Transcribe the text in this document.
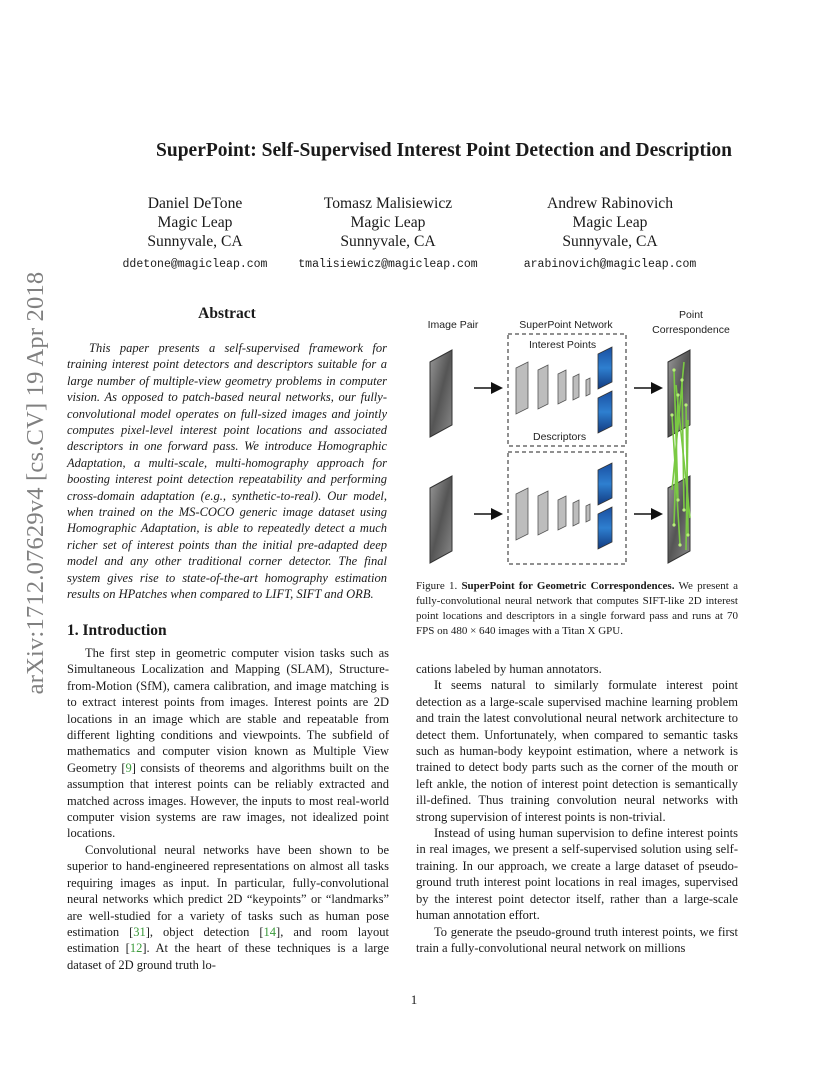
arXiv:1712.07629v4 [cs.CV] 19 Apr 2018
SuperPoint: Self-Supervised Interest Point Detection and Description
Daniel DeTone
Magic Leap
Sunnyvale, CA
ddetone@magicleap.com
Tomasz Malisiewicz
Magic Leap
Sunnyvale, CA
tmalisiewicz@magicleap.com
Andrew Rabinovich
Magic Leap
Sunnyvale, CA
arabinovich@magicleap.com
Abstract

This paper presents a self-supervised framework for training interest point detectors and descriptors suitable for a large number of multiple-view geometry problems in computer vision. As opposed to patch-based neural networks, our fully-convolutional model operates on full-sized images and jointly computes pixel-level interest point locations and associated descriptors in one forward pass. We introduce Homographic Adaptation, a multi-scale, multi-homography approach for boosting interest point detection repeatability and performing cross-domain adaptation (e.g., synthetic-to-real). Our model, when trained on the MS-COCO generic image dataset using Homographic Adaptation, is able to repeatedly detect a much richer set of interest points than the initial pre-adapted deep model and any other traditional corner detector. The final system gives rise to state-of-the-art homography estimation results on HPatches when compared to LIFT, SIFT and ORB.

1. Introduction

The first step in geometric computer vision tasks such as Simultaneous Localization and Mapping (SLAM), Structure-from-Motion (SfM), camera calibration, and image matching is to extract interest points from images. Interest points are 2D locations in an image which are stable and repeatable from different lighting conditions and viewpoints. The subfield of mathematics and computer vision known as Multiple View Geometry [9] consists of theorems and algorithms built on the assumption that interest points can be reliably extracted and matched across images. However, the inputs to most real-world computer vision systems are raw images, not idealized point locations.

Convolutional neural networks have been shown to be superior to hand-engineered representations on almost all tasks requiring images as input. In particular, fully-convolutional neural networks which predict 2D “keypoints” or “landmarks” are well-studied for a variety of tasks such as human pose estimation [31], object detection [14], and room layout estimation [12]. At the heart of these techniques is a large dataset of 2D ground truth lo-

cations labeled by human annotators.

It seems natural to similarly formulate interest point detection as a large-scale supervised machine learning problem and train the latest convolutional neural network architecture to detect them. Unfortunately, when compared to semantic tasks such as human-body keypoint estimation, where a network is trained to detect body parts such as the corner of the mouth or left ankle, the notion of interest point detection is semantically ill-defined. Thus training convolution neural networks with strong supervision of interest points is non-trivial.

Instead of using human supervision to define interest points in real images, we present a self-supervised solution using self-training. In our approach, we create a large dataset of pseudo-ground truth interest point locations in real images, supervised by the interest point detector itself, rather than a large-scale human annotation effort.

To generate the pseudo-ground truth interest points, we first train a fully-convolutional neural network on millions

Image Pair	SuperPoint Network
Point
Correspondence
Interest Points
Descriptors

Figure 1. SuperPoint for Geometric Correspondences. We present a fully-convolutional neural network that computes SIFT-like 2D interest point locations and descriptors in a single forward pass and runs at 70 FPS on 480 × 640 images with a Titan X GPU.

1
